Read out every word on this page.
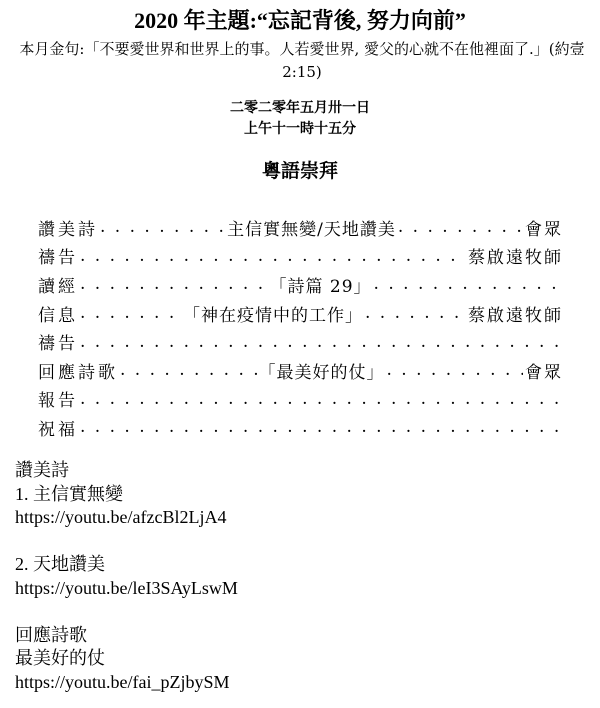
2020 年主題:“忘記背後, 努力向前”
本月金句:「不要愛世界和世界上的事。人若愛世界, 愛父的心就不在他裡面了.」(約壹 2:15)
二零二零年五月卅一日
上午十一時十五分
粵語崇拜
讚美詩 . . .	主信實無變/天地讚美 . . .	會眾
禱告 . . .	蔡啟遠牧師
讀經 . . .	「詩篇 29」
. . .
信息 . . .	「神在疫情中的工作」 . . .	蔡啟遠牧師
禱告
. . .
回應詩歌 . . .	「最美好的仗」 . . .	會眾
報告
. . .
祝福
. . .
讚美詩
1. 主信實無變
https://youtu.be/afzcBl2LjA4
2. 天地讚美
https://youtu.be/leI3SAyLswM
回應詩歌
最美好的仗
https://youtu.be/fai_pZjbySM
